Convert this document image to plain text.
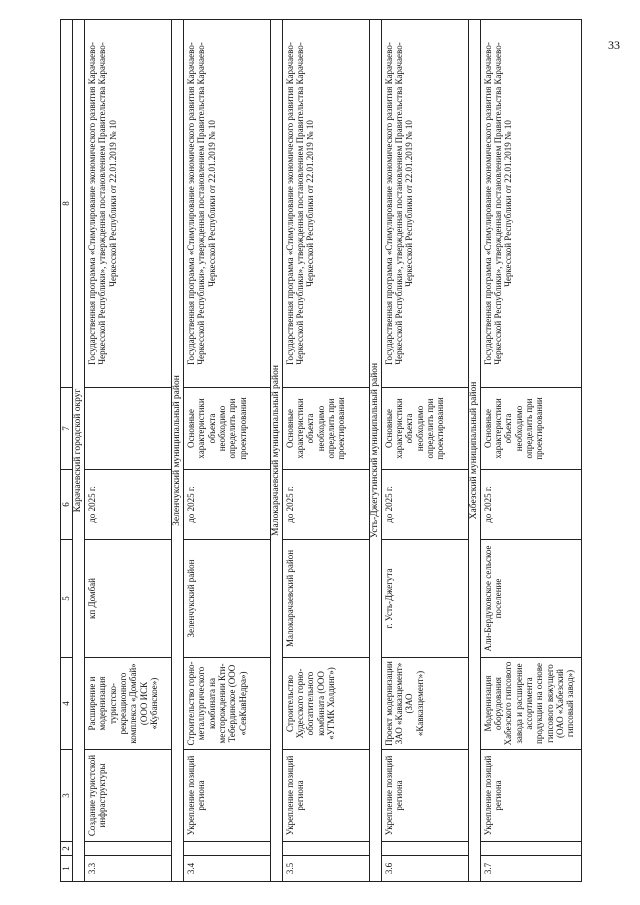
33
1	2	3	4	5	6	7	8
Карачаевский городской округ							
3.3		Создание туристской инфраструктуры	Расширение и модернизация туристско-рекреационного комплекса «Домбай» (ООО ИСК «Кубанское»)	кп Домбай	до 2025 г.		Государственная программа «Стимулирование экономического развития Карачаево-Черкесской Республики», утвержденная постановлением Правительства Карачаево-Черкесской Республики от 22.01.2019 № 10
Зеленчукский муниципальный район							
3.4		Укрепление позиций региона	Строительство горно-металлургического комбината на месторождении Кти-Тебердинское (ООО «СевКавНедра»)	Зеленчукский район	до 2025 г.	Основные характеристики объекта необходимо определить при проектировании	Государственная программа «Стимулирование экономического развития Карачаево-Черкесской Республики», утвержденная постановлением Правительства Карачаево-Черкесской Республики от 22.01.2019 № 10
Малокарачаевский муниципальный район							
3.5		Укрепление позиций региона	Строительство Худесского горно-обогатительного комбината (ООО «УГМК Холдинг»)	Малокарачаевский район	до 2025 г.	Основные характеристики объекта необходимо определить при проектировании	Государственная программа «Стимулирование экономического развития Карачаево-Черкесской Республики», утвержденная постановлением Правительства Карачаево-Черкесской Республики от 22.01.2019 № 10
Усть-Джегутинский муниципальный район							
3.6		Укрепление позиций региона	Проект модернизации ЗАО «Кавказцемент» (ЗАО «Кавказцемент»)	г. Усть-Джегута	до 2025 г.	Основные характеристики объекта необходимо определить при проектировании	Государственная программа «Стимулирование экономического развития Карачаево-Черкесской Республики», утвержденная постановлением Правительства Карачаево-Черкесской Республики от 22.01.2019 № 10
Хабезский муниципальный район							
3.7		Укрепление позиций региона	Модернизация оборудования Хабезского гипсового завода и расширение ассортимента продукции на основе гипсового вяжущего (ОАО «Хабезский гипсовый завод»)	Али-Бердуковское сельское поселение	до 2025 г.	Основные характеристики объекта необходимо определить при проектировании	Государственная программа «Стимулирование экономического развития Карачаево-Черкесской Республики», утвержденная постановлением Правительства Карачаево-Черкесской Республики от 22.01.2019 № 10
